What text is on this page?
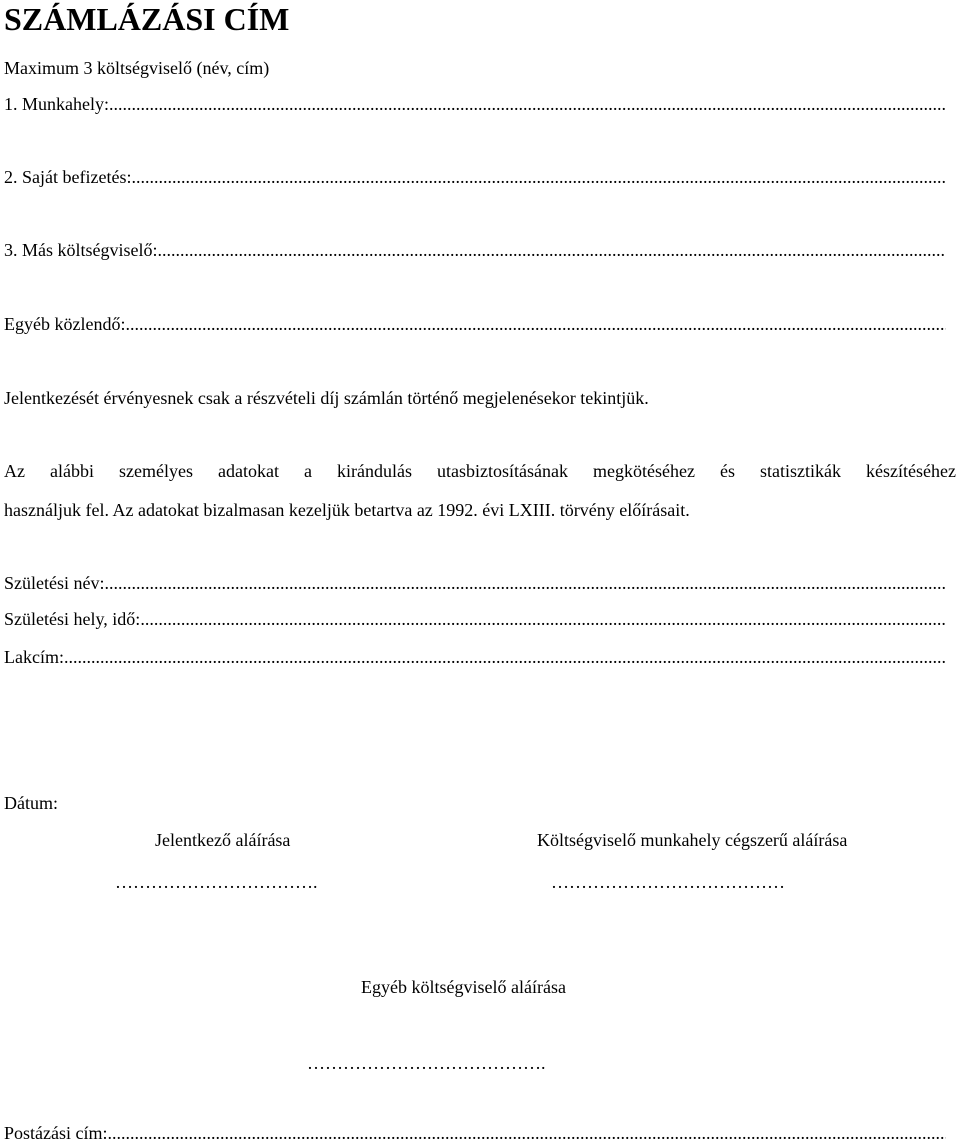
SZÁMLÁZÁSI CÍM
Maximum 3 költségviselő (név, cím)
1. Munkahely:
.....
2. Saját befizetés:
.....
3. Más költségviselő:
.....
Egyéb közlendő:
.....
Jelentkezését érvényesnek csak a részvételi díj számlán történő megjelenésekor tekintjük.
Az alábbi személyes adatokat a kirándulás utasbiztosításának megkötéséhez és statisztikák készítéséhez
használjuk fel. Az adatokat bizalmasan kezeljük betartva az 1992. évi LXIII. törvény előírásait.
Születési név:
.....
Születési hely, idő:
.....
Lakcím:
.....
Dátum:
Jelentkező aláírása	Költségviselő munkahely cégszerű aláírása
…………………………….	…………………………………
Egyéb költségviselő aláírása
………………………………….
Postázási cím:
.....
